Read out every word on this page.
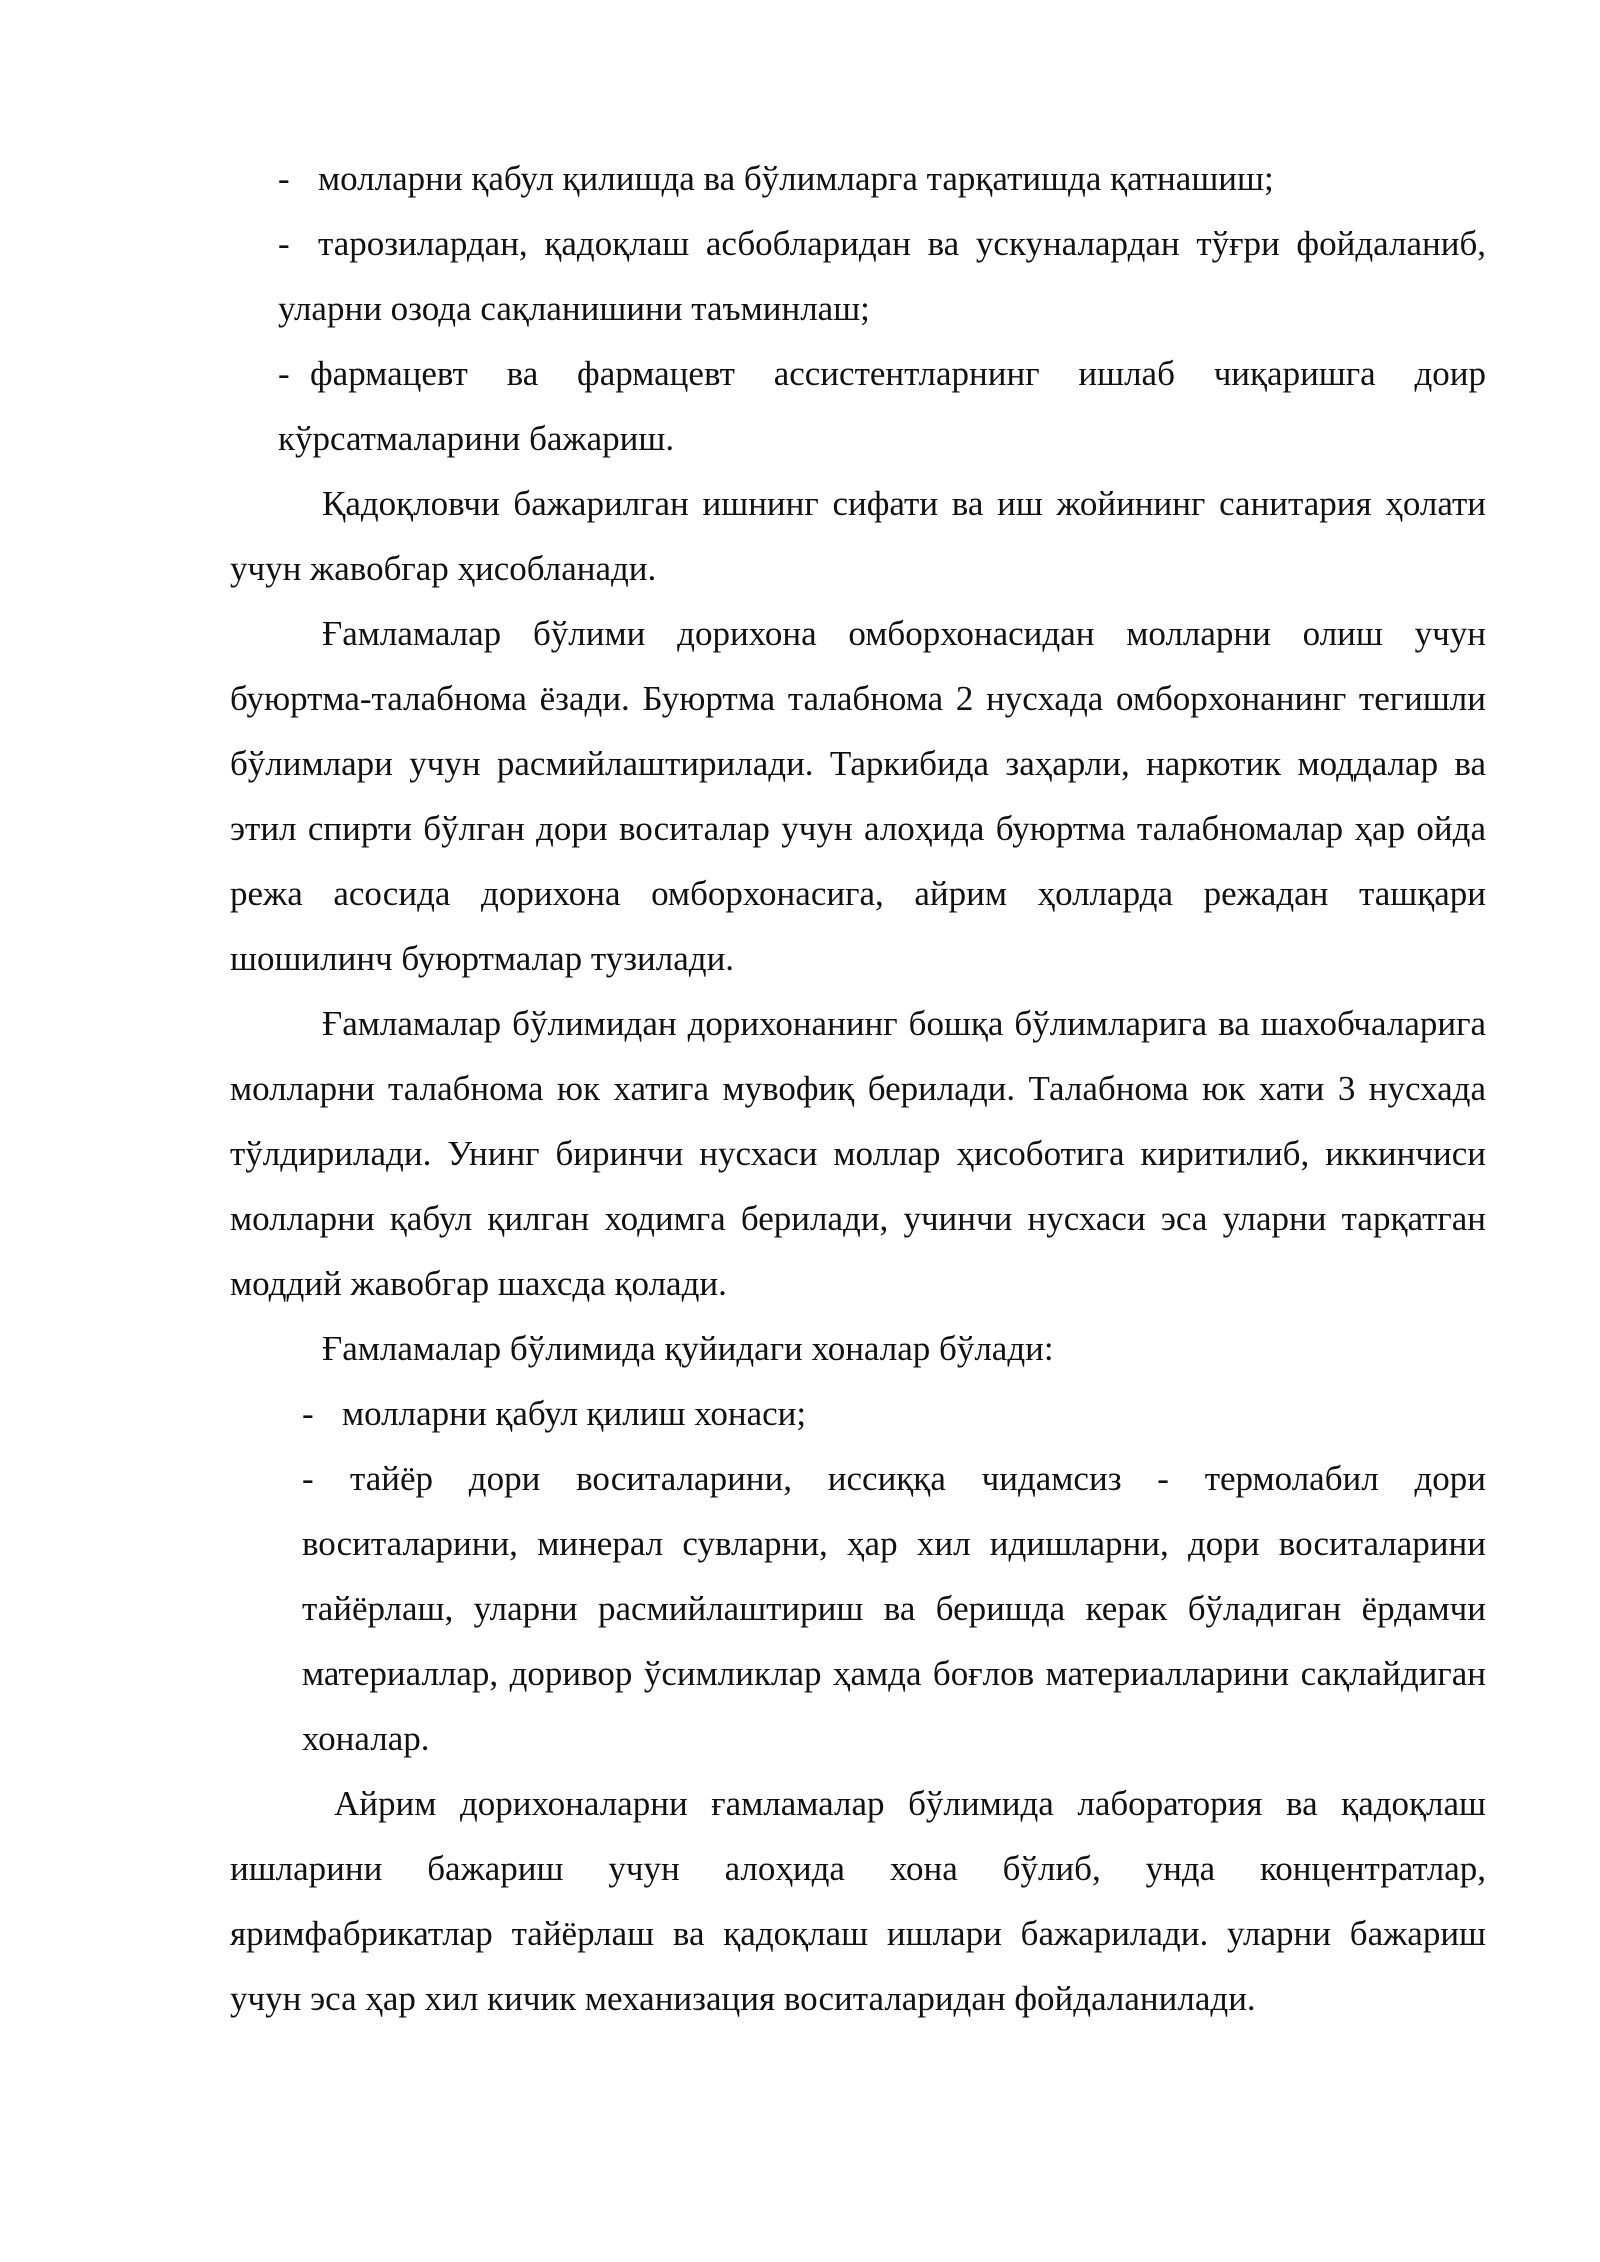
- молларни қабул қилишда ва бўлимларга тарқатишда қатнашиш;
- тарозилардан, қадоқлаш асбобларидан ва ускуналардан тўғри фойдаланиб, уларни озода сақланишини таъминлаш;
- фармацевт ва фармацевт ассистентларнинг ишлаб чиқаришга доир кўрсатмаларини бажариш.

Қадоқловчи бажарилган ишнинг сифати ва иш жойининг санитария ҳолати учун жавобгар ҳисобланади.

Ғамламалар бўлими дорихона омборхонасидан молларни олиш учун буюртма-талабнома ёзади. Буюртма талабнома 2 нусхада омборхонанинг тегишли бўлимлари учун расмийлаштирилади. Таркибида заҳарли, наркотик моддалар ва этил спирти бўлган дори воситалар учун алоҳида буюртма талабномалар ҳар ойда режа асосида дорихона омборхонасига, айрим ҳолларда режадан ташқари шошилинч буюртмалар тузилади.

Ғамламалар бўлимидан дорихонанинг бошқа бўлимларига ва шахобчаларига молларни талабнома юк хатига мувофиқ берилади. Талабнома юк хати 3 нусхада тўлдирилади. Унинг биринчи нусхаси моллар ҳисоботига киритилиб, иккинчиси молларни қабул қилган ходимга берилади, учинчи нусхаси эса уларни тарқатган моддий жавобгар шахсда қолади.

Ғамламалар бўлимида қуйидаги хоналар бўлади:

- молларни қабул қилиш хонаси;
-	тайёр дори воситаларини, иссиққа чидамсиз - термолабил дори воситаларини, минерал сувларни, ҳар хил идишларни, дори воситаларини тайёрлаш, уларни расмийлаштириш ва беришда керак бўладиган ёрдамчи материаллар, доривор ўсимликлар ҳамда боғлов материалларини сақлайдиган хоналар.

Айрим дорихоналарни ғамламалар бўлимида лаборатория ва қадоқлаш ишларини бажариш учун алоҳида хона бўлиб, унда концентратлар, яримфабрикатлар тайёрлаш ва қадоқлаш ишлари бажарилади. уларни бажариш учун эса ҳар хил кичик механизация воситаларидан фойдаланилади.
